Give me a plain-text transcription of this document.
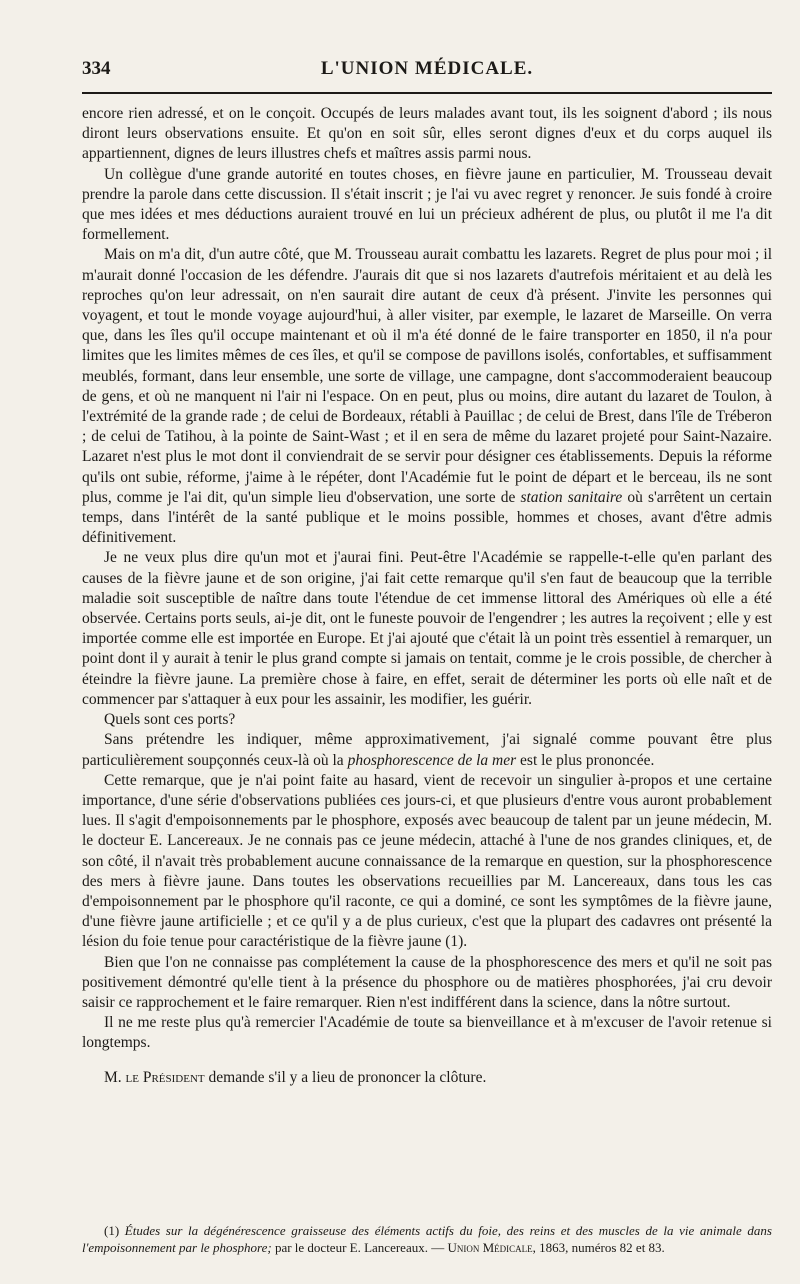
334	L'UNION MÉDICALE.

encore rien adressé, et on le conçoit. Occupés de leurs malades avant tout, ils les soignent d'abord ; ils nous diront leurs observations ensuite. Et qu'on en soit sûr, elles seront dignes d'eux et du corps auquel ils appartiennent, dignes de leurs illustres chefs et maîtres assis parmi nous.

Un collègue d'une grande autorité en toutes choses, en fièvre jaune en particulier, M. Trousseau devait prendre la parole dans cette discussion. Il s'était inscrit ; je l'ai vu avec regret y renoncer. Je suis fondé à croire que mes idées et mes déductions auraient trouvé en lui un précieux adhérent de plus, ou plutôt il me l'a dit formellement.

Mais on m'a dit, d'un autre côté, que M. Trousseau aurait combattu les lazarets. Regret de plus pour moi ; il m'aurait donné l'occasion de les défendre. J'aurais dit que si nos lazarets d'autrefois méritaient et au delà les reproches qu'on leur adressait, on n'en saurait dire autant de ceux d'à présent. J'invite les personnes qui voyagent, et tout le monde voyage aujourd'hui, à aller visiter, par exemple, le lazaret de Marseille. On verra que, dans les îles qu'il occupe maintenant et où il m'a été donné de le faire transporter en 1850, il n'a pour limites que les limites mêmes de ces îles, et qu'il se compose de pavillons isolés, confortables, et suffisamment meublés, formant, dans leur ensemble, une sorte de village, une campagne, dont s'accommoderaient beaucoup de gens, et où ne manquent ni l'air ni l'espace. On en peut, plus ou moins, dire autant du lazaret de Toulon, à l'extrémité de la grande rade ; de celui de Bordeaux, rétabli à Pauillac ; de celui de Brest, dans l'île de Tréberon ; de celui de Tatihou, à la pointe de Saint-Wast ; et il en sera de même du lazaret projeté pour Saint-Nazaire. Lazaret n'est plus le mot dont il conviendrait de se servir pour désigner ces établissements. Depuis la réforme qu'ils ont subie, réforme, j'aime à le répéter, dont l'Académie fut le point de départ et le berceau, ils ne sont plus, comme je l'ai dit, qu'un simple lieu d'observation, une sorte de station sanitaire où s'arrêtent un certain temps, dans l'intérêt de la santé publique et le moins possible, hommes et choses, avant d'être admis définitivement.

Je ne veux plus dire qu'un mot et j'aurai fini. Peut-être l'Académie se rappelle-t-elle qu'en parlant des causes de la fièvre jaune et de son origine, j'ai fait cette remarque qu'il s'en faut de beaucoup que la terrible maladie soit susceptible de naître dans toute l'étendue de cet immense littoral des Amériques où elle a été observée. Certains ports seuls, ai-je dit, ont le funeste pouvoir de l'engendrer ; les autres la reçoivent ; elle y est importée comme elle est importée en Europe. Et j'ai ajouté que c'était là un point très essentiel à remarquer, un point dont il y aurait à tenir le plus grand compte si jamais on tentait, comme je le crois possible, de chercher à éteindre la fièvre jaune. La première chose à faire, en effet, serait de déterminer les ports où elle naît et de commencer par s'attaquer à eux pour les assainir, les modifier, les guérir.

Quels sont ces ports?

Sans prétendre les indiquer, même approximativement, j'ai signalé comme pouvant être plus particulièrement soupçonnés ceux-là où la phosphorescence de la mer est le plus prononcée.

Cette remarque, que je n'ai point faite au hasard, vient de recevoir un singulier à-propos et une certaine importance, d'une série d'observations publiées ces jours-ci, et que plusieurs d'entre vous auront probablement lues. Il s'agit d'empoisonnements par le phosphore, exposés avec beaucoup de talent par un jeune médecin, M. le docteur E. Lancereaux. Je ne connais pas ce jeune médecin, attaché à l'une de nos grandes cliniques, et, de son côté, il n'avait très probablement aucune connaissance de la remarque en question, sur la phosphorescence des mers à fièvre jaune. Dans toutes les observations recueillies par M. Lancereaux, dans tous les cas d'empoisonnement par le phosphore qu'il raconte, ce qui a dominé, ce sont les symptômes de la fièvre jaune, d'une fièvre jaune artificielle ; et ce qu'il y a de plus curieux, c'est que la plupart des cadavres ont présenté la lésion du foie tenue pour caractéristique de la fièvre jaune (1).

Bien que l'on ne connaisse pas complétement la cause de la phosphorescence des mers et qu'il ne soit pas positivement démontré qu'elle tient à la présence du phosphore ou de matières phosphorées, j'ai cru devoir saisir ce rapprochement et le faire remarquer. Rien n'est indifférent dans la science, dans la nôtre surtout.

Il ne me reste plus qu'à remercier l'Académie de toute sa bienveillance et à m'excuser de l'avoir retenue si longtemps.

M. le Président demande s'il y a lieu de prononcer la clôture.

(1) Études sur la dégénérescence graisseuse des éléments actifs du foie, des reins et des muscles de la vie animale dans l'empoisonnement par le phosphore; par le docteur E. Lancereaux. — Union Médicale, 1863, numéros 82 et 83.
